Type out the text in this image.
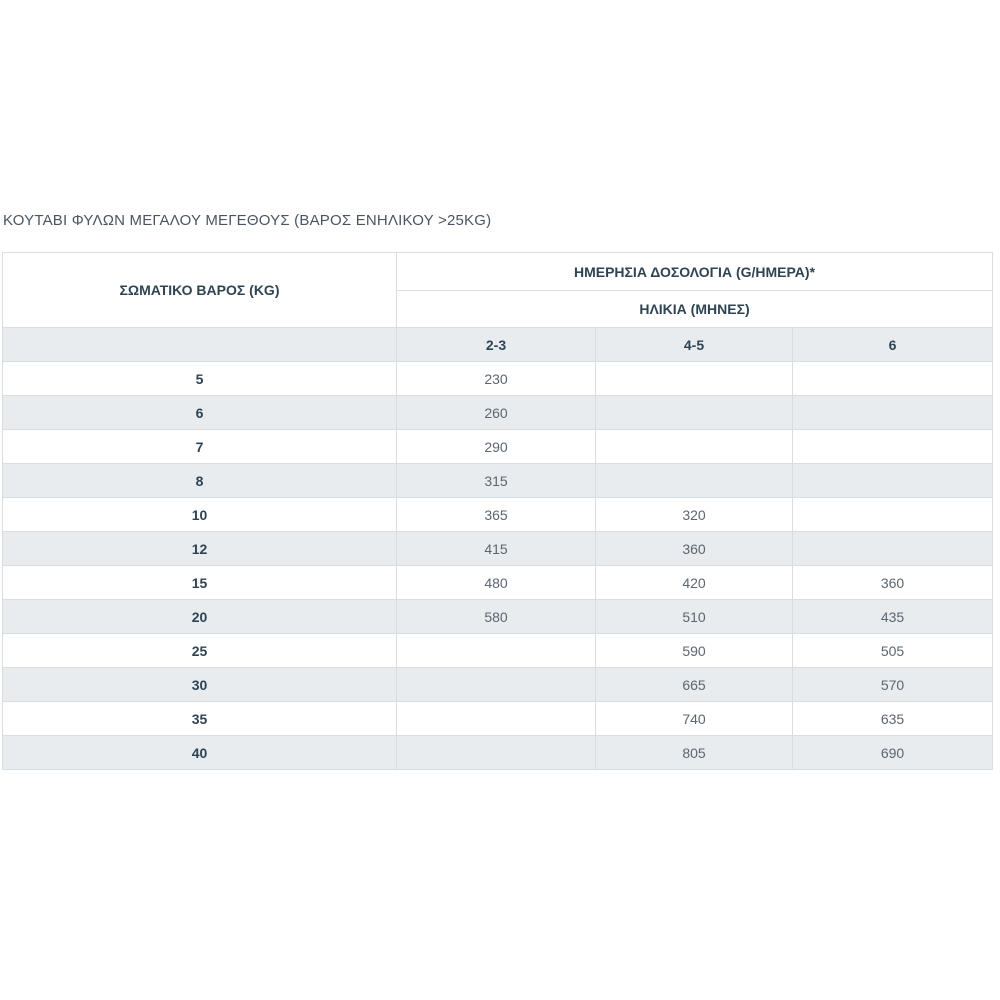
ΚΟΥΤΑΒΙ ΦΥΛΩΝ ΜΕΓΑΛΟΥ ΜΕΓΕΘΟΥΣ (ΒΑΡΟΣ ΕΝΗΛΙΚΟΥ >25KG)
ΣΩΜΑΤΙΚΟ ΒΑΡΟΣ (KG)	ΗΜΕΡΗΣΙΑ ΔΟΣΟΛΟΓΙΑ (G/ΗΜΕΡΑ)*		
	ΗΛΙΚΙΑ (ΜΗΝΕΣ)		
	2-3	4-5	6
5	230		
6	260		
7	290		
8	315		
10	365	320	
12	415	360	
15	480	420	360
20	580	510	435
25		590	505
30		665	570
35		740	635
40		805	690
